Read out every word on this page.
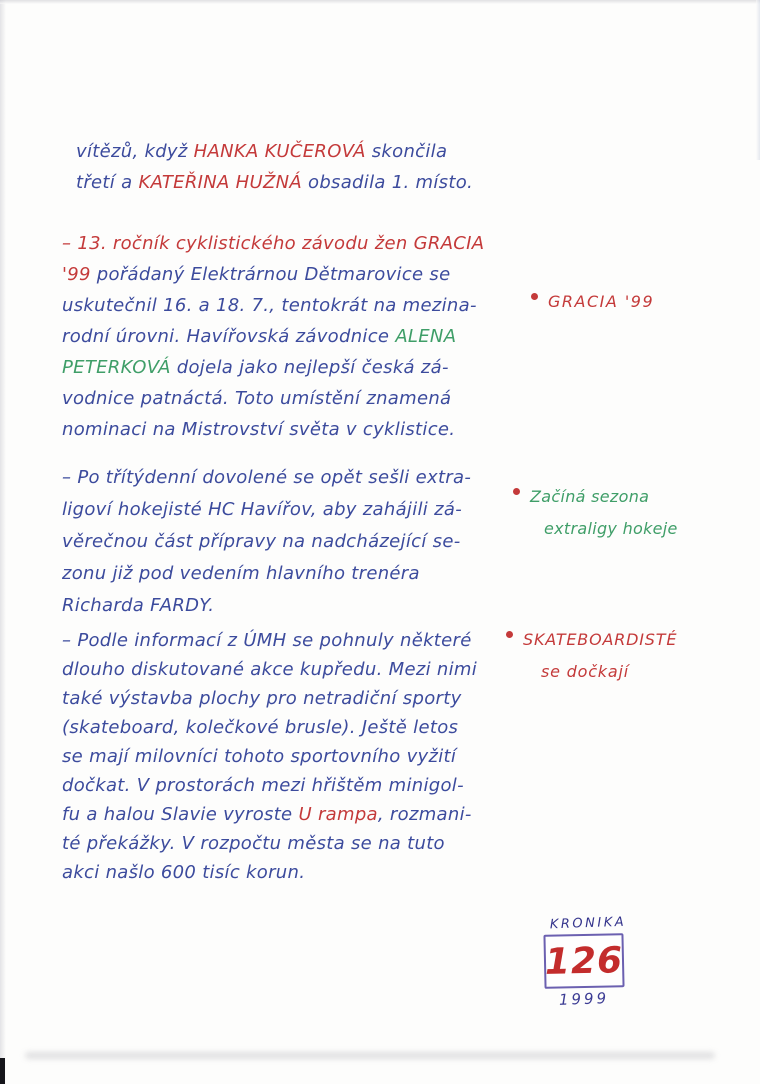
vítězů, když HANKA KUČEROVÁ skončila
třetí a KATEŘINA HUŽNÁ obsadila 1. místo.
– 13. ročník cyklistického závodu žen GRACIA
'99 pořádaný Elektrárnou Dětmarovice se
uskutečnil 16. a 18. 7., tentokrát na mezina-
rodní úrovni. Havířovská závodnice ALENA
PETERKOVÁ dojela jako nejlepší česká zá-
vodnice patnáctá. Toto umístění znamená
nominaci na Mistrovství světa v cyklistice.
– Po třítýdenní dovolené se opět sešli extra-
ligoví hokejisté HC Havířov, aby zahájili zá-
věrečnou část přípravy na nadcházející se-
zonu již pod vedením hlavního trenéra
Richarda FARDY.
– Podle informací z ÚMH se pohnuly některé
dlouho diskutované akce kupředu. Mezi nimi
také výstavba plochy pro netradiční sporty
(skateboard, kolečkové brusle). Ještě letos
se mají milovníci tohoto sportovního vyžití
dočkat. V prostorách mezi hřištěm minigol-
fu a halou Slavie vyroste U rampa, rozmani-
té překážky. V rozpočtu města se na tuto
akci našlo 600 tisíc korun.
GRACIA '99
Začíná sezona
extraligy hokeje
SKATEBOARDISTÉ
se dočkají
KRONIKA
126
1999
